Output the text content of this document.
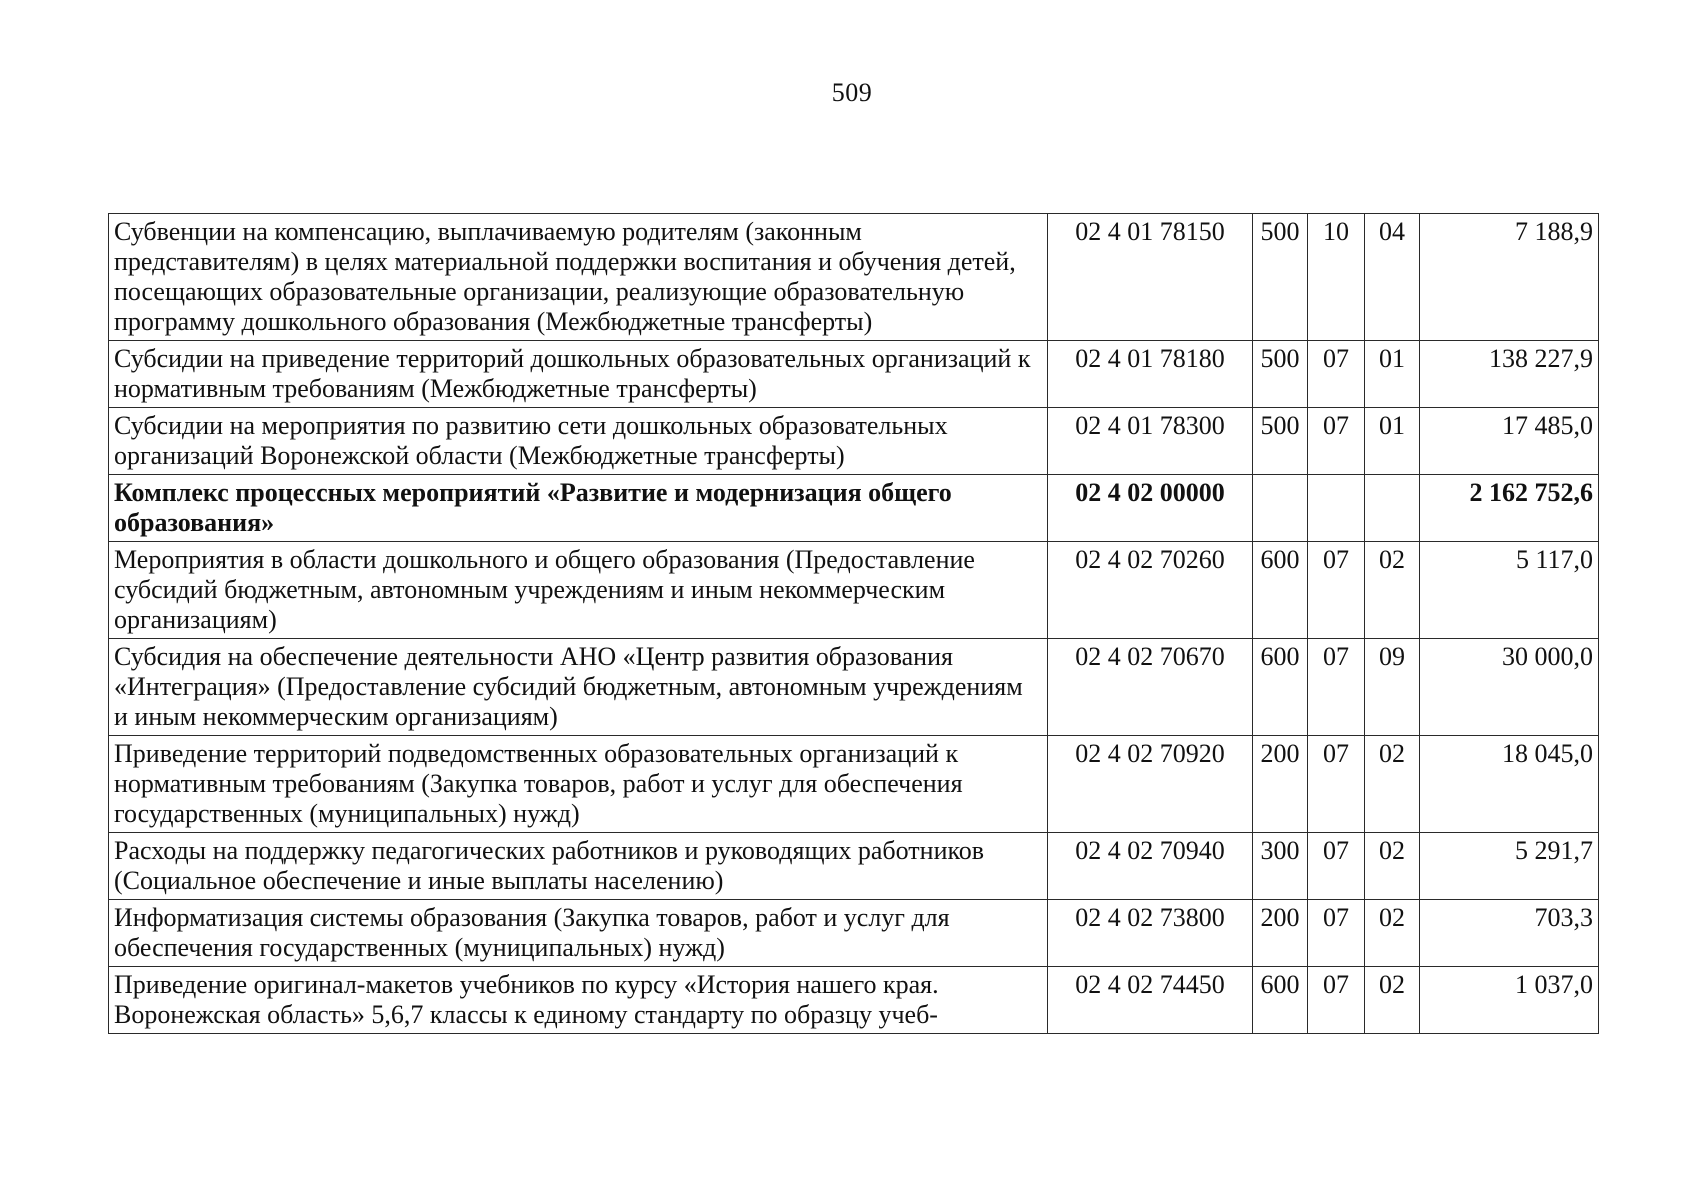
509
Субвенции на компенсацию, выплачиваемую родителям (законным представителям) в целях материальной поддержки воспитания и обучения детей, посещающих образовательные организации, реализующие образовательную программу дошкольного образования (Межбюджетные трансферты)	02 4 01 78150	500	10	04	7 188,9
Субсидии на приведение территорий дошкольных образовательных организаций к нормативным требованиям (Межбюджетные трансферты)	02 4 01 78180	500	07	01	138 227,9
Субсидии на мероприятия по развитию сети дошкольных образовательных организаций Воронежской области (Межбюджетные трансферты)	02 4 01 78300	500	07	01	17 485,0
Комплекс процессных мероприятий «Развитие и модернизация общего образования»	02 4 02 00000				2 162 752,6
Мероприятия в области дошкольного и общего образования (Предоставление субсидий бюджетным, автономным учреждениям и иным некоммерческим организациям)	02 4 02 70260	600	07	02	5 117,0
Субсидия на обеспечение деятельности АНО «Центр развития образования «Интеграция» (Предоставление субсидий бюджетным, автономным учреждениям и иным некоммерческим организациям)	02 4 02 70670	600	07	09	30 000,0
Приведение территорий подведомственных образовательных организаций к нормативным требованиям (Закупка товаров, работ и услуг для обеспечения государственных (муниципальных) нужд)	02 4 02 70920	200	07	02	18 045,0
Расходы на поддержку педагогических работников и руководящих работников (Социальное обеспечение и иные выплаты населению)	02 4 02 70940	300	07	02	5 291,7
Информатизация системы образования (Закупка товаров, работ и услуг для обеспечения государственных (муниципальных) нужд)	02 4 02 73800	200	07	02	703,3
Приведение оригинал-макетов учебников по курсу «История нашего края. Воронежская область» 5,6,7 классы к единому стандарту по образцу учеб-	02 4 02 74450	600	07	02	1 037,0
